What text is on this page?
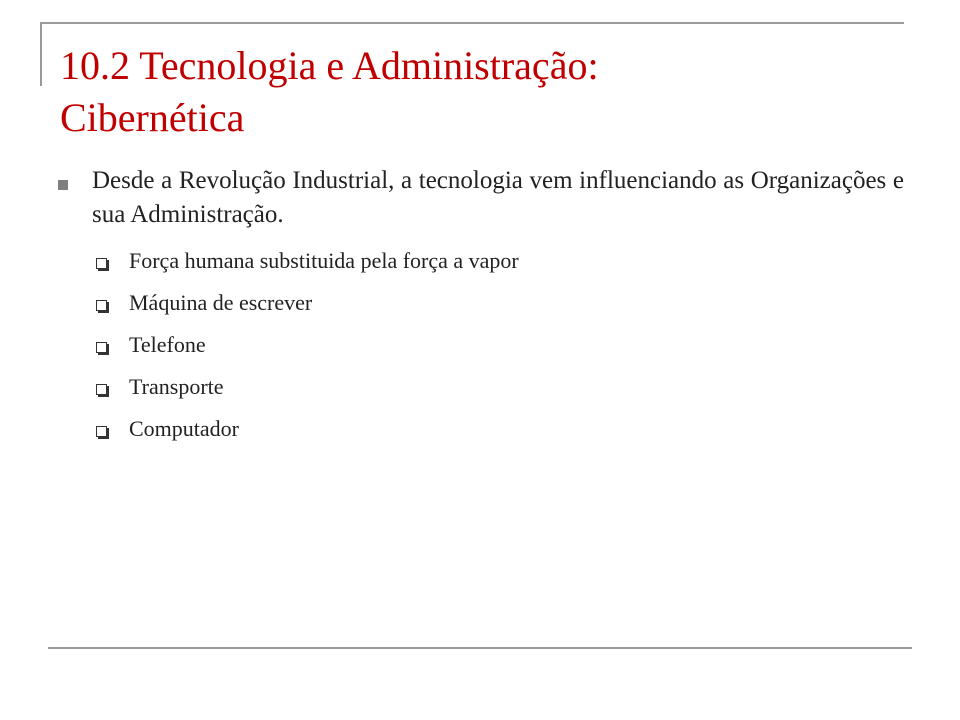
10.2 Tecnologia e Administração:
Cibernética
Desde a Revolução Industrial, a tecnologia vem influenciando as Organizações e sua Administração.
Força humana substituida pela força a vapor
Máquina de escrever
Telefone
Transporte
Computador
